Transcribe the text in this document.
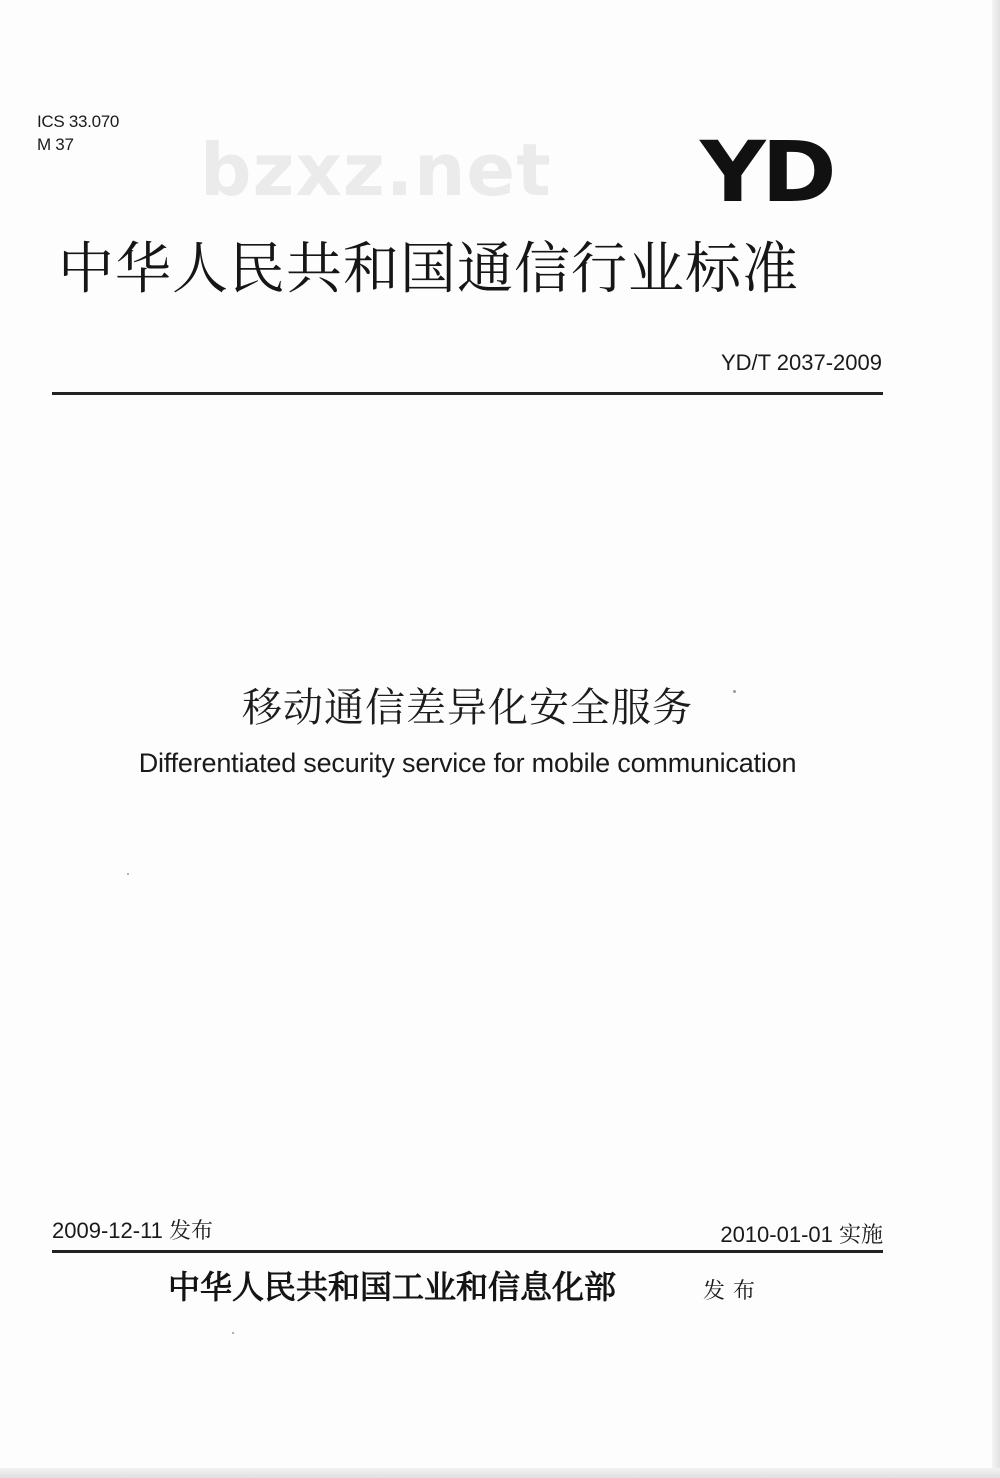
ICS 33.070
M 37	bzxz.net YD
中华人民共和国通信行业标准
YD/T 2037-2009
移动通信差异化安全服务
Differentiated security service for mobile communication
2009-12-11 发布	2010-01-01 实施
中华人民共和国工业和信息化部	发布
